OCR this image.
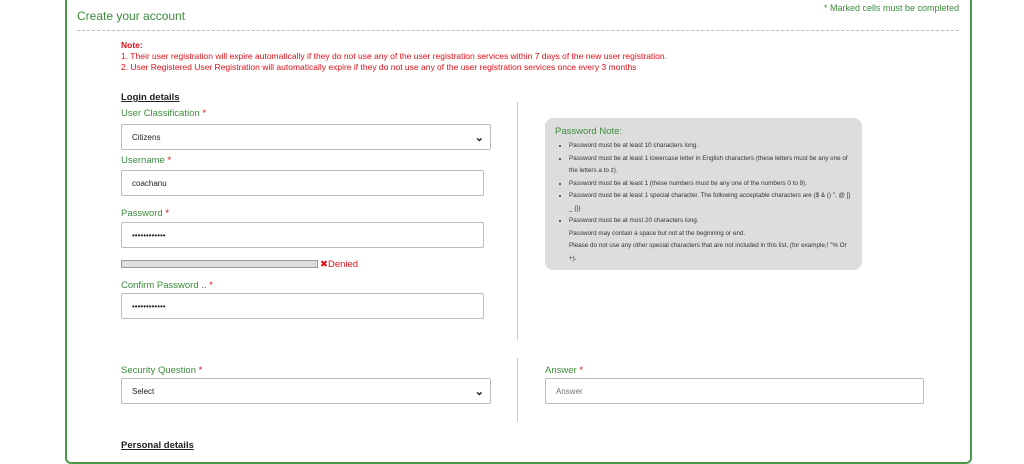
Create your account
* Marked cells must be completed
Note:
1. Their user registration will expire automatically if they do not use any of the user registration services within 7 days of the new user registration.
2. User Registered User Registration will automatically expire if they do not use any of the user registration services once every 3 months
Login details
User Classification *
Citizens	⌄
Username *
coachanu
Password *
••••••••••••
✖Denied
Confirm Password .. *
••••••••••••
Password Note:
• Password must be at least 10 characters long.
• Password must be at least 1 lowercase letter in English characters (these letters must be any one of the letters a to z).
• Password must be at least 1 (these numbers must be any one of the numbers 0 to 9).
• Password must be at least 1 special character. The following acceptable characters are ($ & () ", @ [] _ {})
• Password must be at most 20 characters long.

Password may contain a space but not at the beginning or end.

Please do not use any other special characters that are not included in this list, (for example,! "% Or +).

Security Question *
Select	⌄
Answer *
Answer
Personal details
